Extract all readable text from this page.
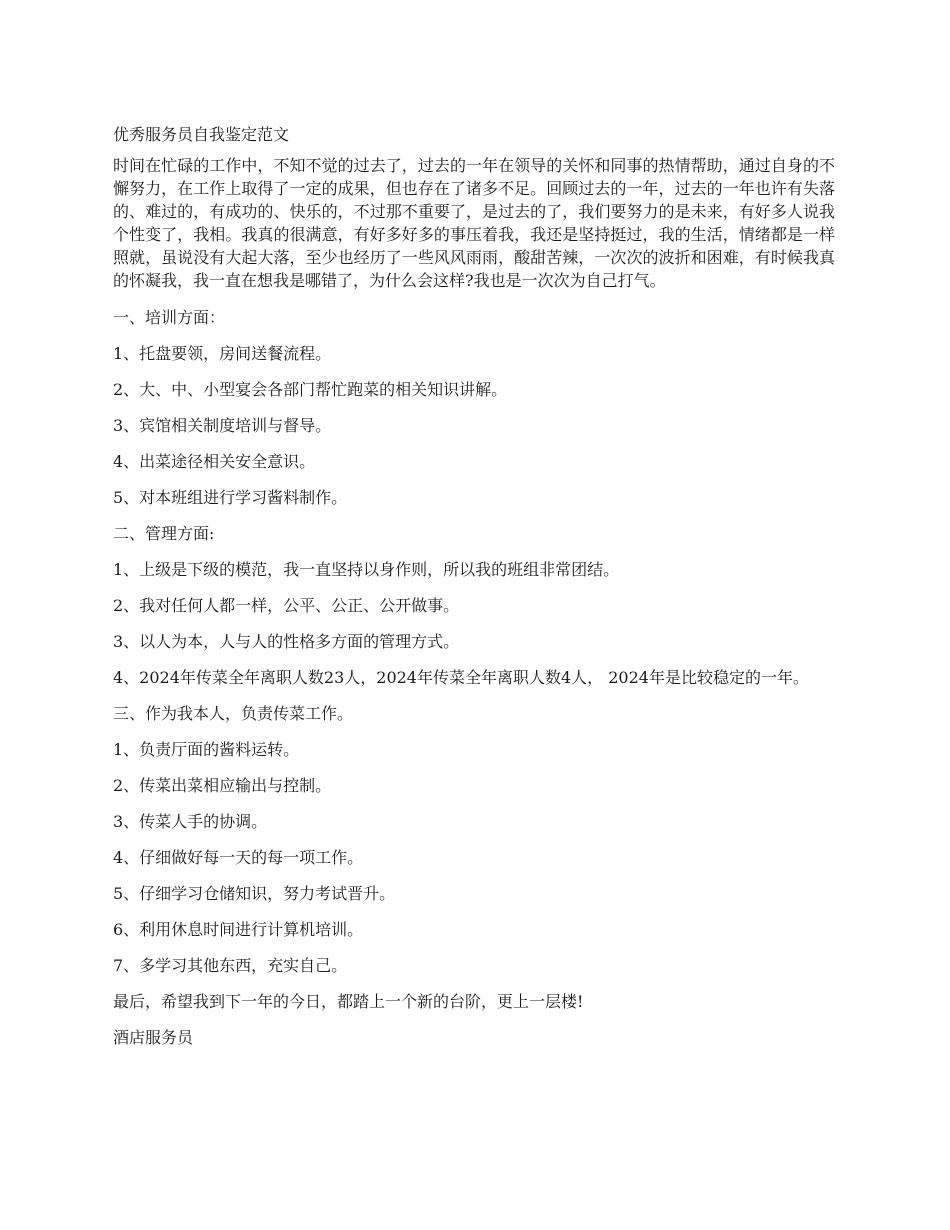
优秀服务员自我鉴定范文

时间在忙碌的工作中，不知不觉的过去了，过去的一年在领导的关怀和同事的热情帮助，通过自身的不懈努力，在工作上取得了一定的成果，但也存在了诸多不足。回顾过去的一年，过去的一年也许有失落的、难过的，有成功的、快乐的，不过那不重要了，是过去的了，我们要努力的是未来，有好多人说我个性变了，我相。我真的很满意，有好多好多的事压着我，我还是坚持挺过，我的生活，情绪都是一样照就，虽说没有大起大落，至少也经历了一些风风雨雨，酸甜苦辣，一次次的波折和困难，有时候我真的怀凝我，我一直在想我是哪错了，为什么会这样?我也是一次次为自己打气。

一、培训方面：

1、托盘要领，房间送餐流程。

2、大、中、小型宴会各部门帮忙跑菜的相关知识讲解。

3、宾馆相关制度培训与督导。

4、出菜途径相关安全意识。

5、对本班组进行学习酱料制作。

二、管理方面:

1、上级是下级的模范，我一直坚持以身作则，所以我的班组非常团结。

2、我对任何人都一样，公平、公正、公开做事。

3、以人为本，人与人的性格多方面的管理方式。

4、2024年传菜全年离职人数23人，2024年传菜全年离职人数4人， 2024年是比较稳定的一年。

三、作为我本人，负责传菜工作。

1、负责厅面的酱料运转。

2、传菜出菜相应输出与控制。

3、传菜人手的协调。

4、仔细做好每一天的每一项工作。

5、仔细学习仓储知识，努力考试晋升。

6、利用休息时间进行计算机培训。

7、多学习其他东西，充实自己。

最后，希望我到下一年的今日，都踏上一个新的台阶，更上一层楼!

酒店服务员
